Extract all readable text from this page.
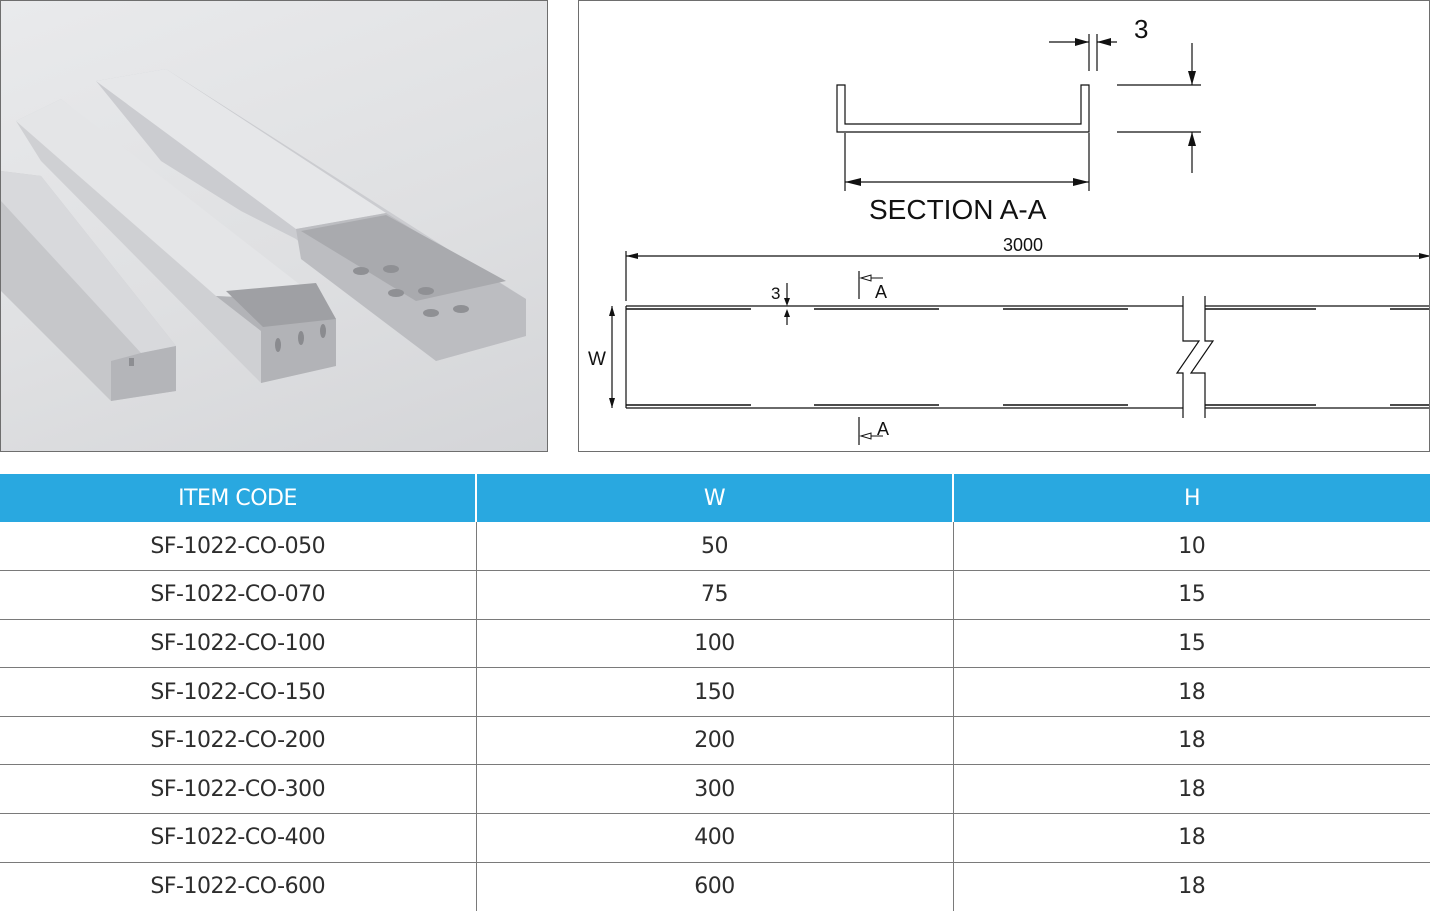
3
SECTION A-A
3000
3
W
A
A
ITEM CODE	W	H
SF-1022-CO-050	50	10
SF-1022-CO-070	75	15
SF-1022-CO-100	100	15
SF-1022-CO-150	150	18
SF-1022-CO-200	200	18
SF-1022-CO-300	300	18
SF-1022-CO-400	400	18
SF-1022-CO-600	600	18
